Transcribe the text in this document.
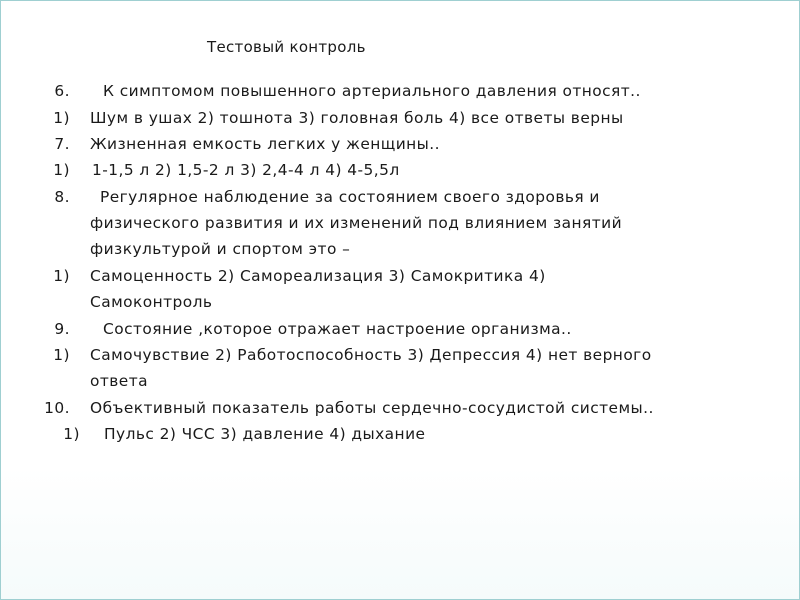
Тестовый контроль
6. К симптомом повышенного артериального давления относят..
1) Шум в ушах 2) тошнота 3) головная боль 4) все ответы верны
7. Жизненная емкость легких у женщины..
1) 1-1,5 л 2) 1,5-2 л 3) 2,4-4 л 4) 4-5,5л
8. Регулярное наблюдение за состоянием своего здоровья и
физического развития и их изменений под влиянием занятий
физкультурой и спортом это –
1) Самоценность 2) Самореализация 3) Самокритика 4)
Самоконтроль
9. Состояние ,которое отражает настроение организма..
1) Самочувствие 2) Работоспособность 3) Депрессия 4) нет верного
ответа
10. Объективный показатель работы сердечно-сосудистой системы..
1) Пульс 2) ЧСС 3) давление 4) дыхание
